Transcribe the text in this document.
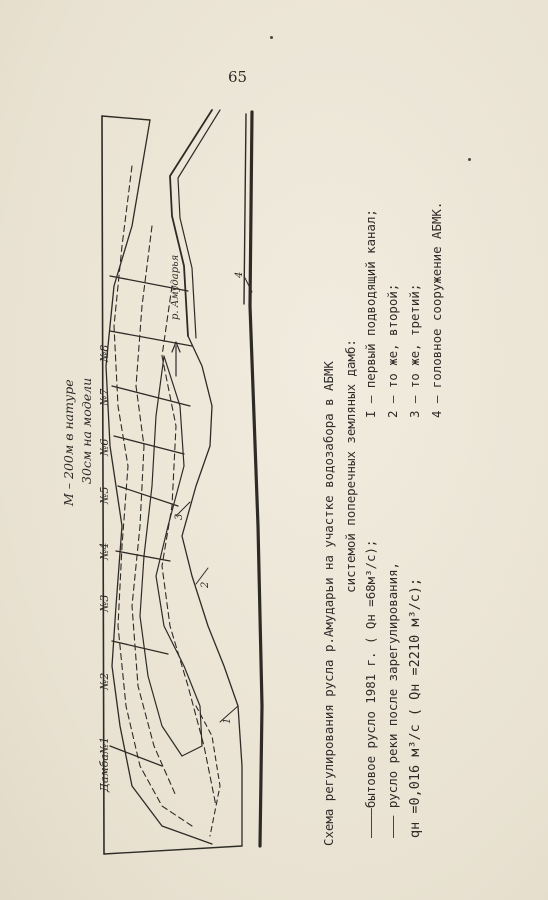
65
Дамба№1
№2
№3
№4
№5
№6
№7
№8
р. Амударья
1
2
3
4
M – 200м в натуре 30см на модели	Схема регулирования русла р.Амударьи на участке водозабора в АБМК системой поперечных земляных дамб:
————бытовое русло 1981 г. ( Qн =68м³/с); ——— русло реки после зарегулирования, qн =0,016 м³/с ( Qн =2210 м³/с);
I – первый подводящий канал; 2 – то же, второй; 3 – то же, третий; 4 – головное сооружение АБМК.
